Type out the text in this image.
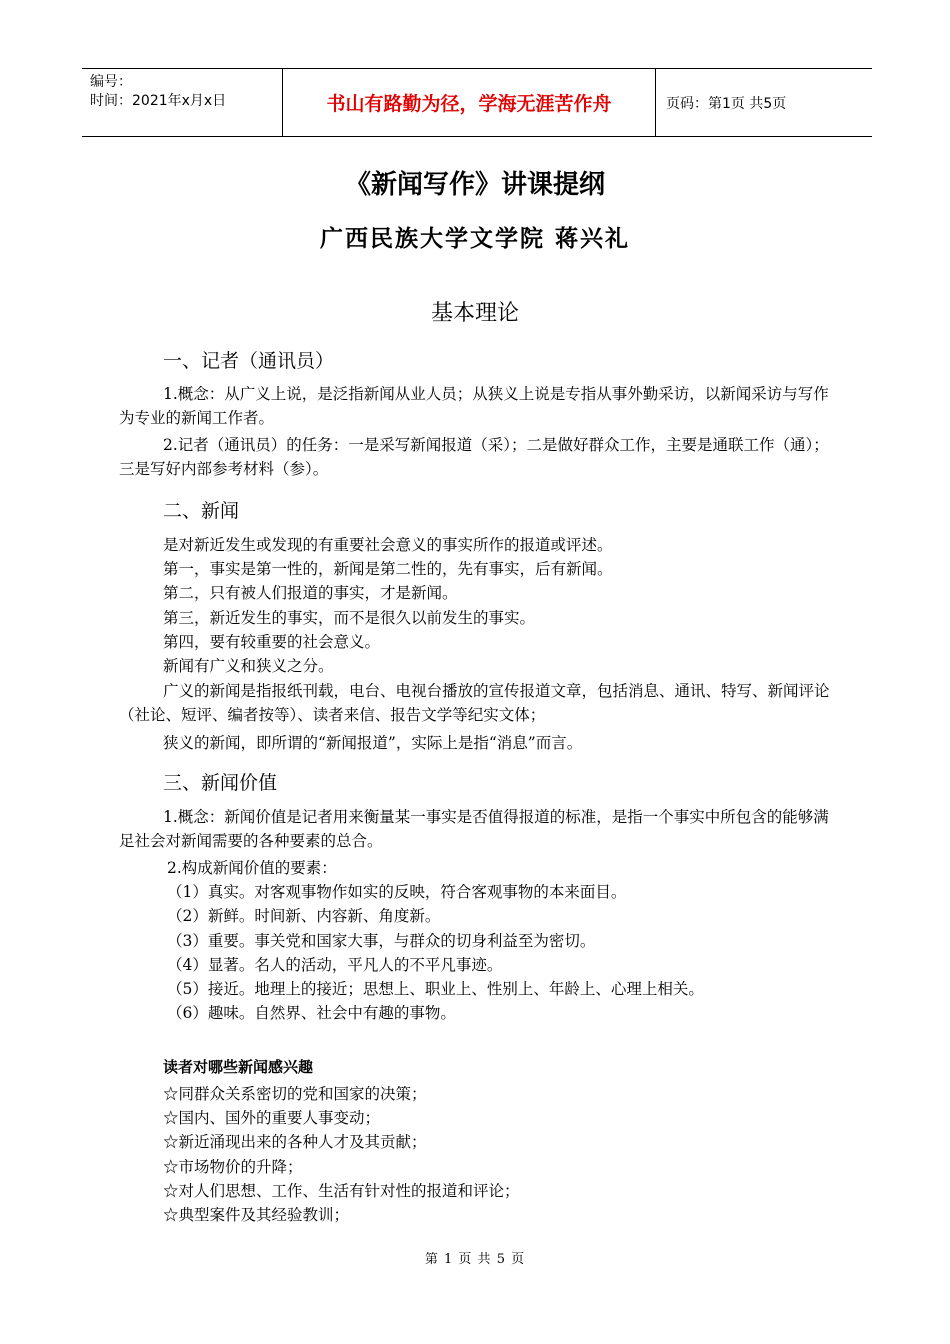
编号：
时间：2021年x月x日	书山有路勤为径，学海无涯苦作舟	页码：第1页 共5页
《新闻写作》讲课提纲
广西民族大学文学院 蒋兴礼
基本理论
一、记者（通讯员）

1.概念：从广义上说，是泛指新闻从业人员；从狭义上说是专指从事外勤采访，以新闻采访与写作为专业的新闻工作者。

2.记者（通讯员）的任务：一是采写新闻报道（采）；二是做好群众工作，主要是通联工作（通）；三是写好内部参考材料（参）。

二、新闻
是对新近发生或发现的有重要社会意义的事实所作的报道或评述。
第一，事实是第一性的，新闻是第二性的，先有事实，后有新闻。
第二，只有被人们报道的事实，才是新闻。
第三，新近发生的事实，而不是很久以前发生的事实。
第四，要有较重要的社会意义。
新闻有广义和狭义之分。

广义的新闻是指报纸刊载，电台、电视台播放的宣传报道文章，包括消息、通讯、特写、新闻评论（社论、短评、编者按等）、读者来信、报告文学等纪实文体；

狭义的新闻，即所谓的“新闻报道”，实际上是指“消息”而言。
三、新闻价值

1.概念：新闻价值是记者用来衡量某一事实是否值得报道的标准，是指一个事实中所包含的能够满足社会对新闻需要的各种要素的总合。

2.构成新闻价值的要素：
（1）真实。对客观事物作如实的反映，符合客观事物的本来面目。
（2）新鲜。时间新、内容新、角度新。
（3）重要。事关党和国家大事，与群众的切身利益至为密切。
（4）显著。名人的活动，平凡人的不平凡事迹。
（5）接近。地理上的接近；思想上、职业上、性别上、年龄上、心理上相关。
（6）趣味。自然界、社会中有趣的事物。
读者对哪些新闻感兴趣
☆同群众关系密切的党和国家的决策；
☆国内、国外的重要人事变动；
☆新近涌现出来的各种人才及其贡献；
☆市场物价的升降；
☆对人们思想、工作、生活有针对性的报道和评论；
☆典型案件及其经验教训；
第 1 页 共 5 页
